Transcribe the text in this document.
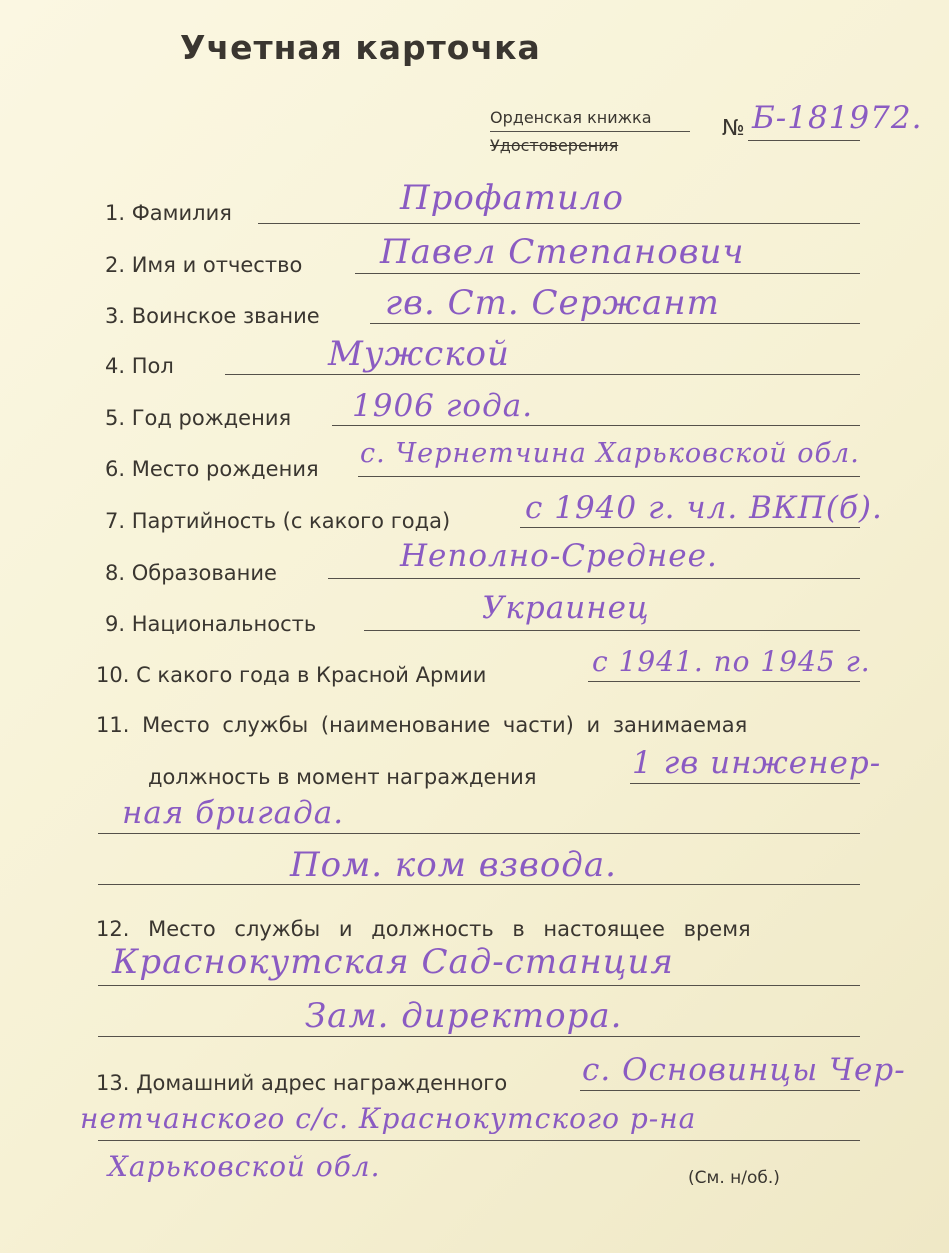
Учетная карточка
Орденская книжка
Удостоверения
№ Б-181972.
1. Фамилия	Профатило
2. Имя и отчество Павел Степанович
3. Воинское звание гв. Ст. Сержант
4. Пол	Мужской
5. Год рождения 1906 года.
6. Место рождения с. Чернетчина Харьковской обл.
7. Партийность (с какого года) с 1940 г. чл. ВКП(б).
8. Образование	Неполно-Среднее.
9. Национальность	Украинец
10. С какого года в Красной Армии	с 1941. по 1945 г.
11. Место службы (наименование части) и занимаемая
должность в момент награждения	1 гв инженер-
ная бригада.
Пом. ком взвода.
12. Место службы и должность в настоящее время
Краснокутская Сад-станция
Зам. директора.
13. Домашний адрес награжденного с. Основинцы Чер-
нетчанского с/с. Краснокутского р-на
Харьковской обл.	(См. н/об.)
